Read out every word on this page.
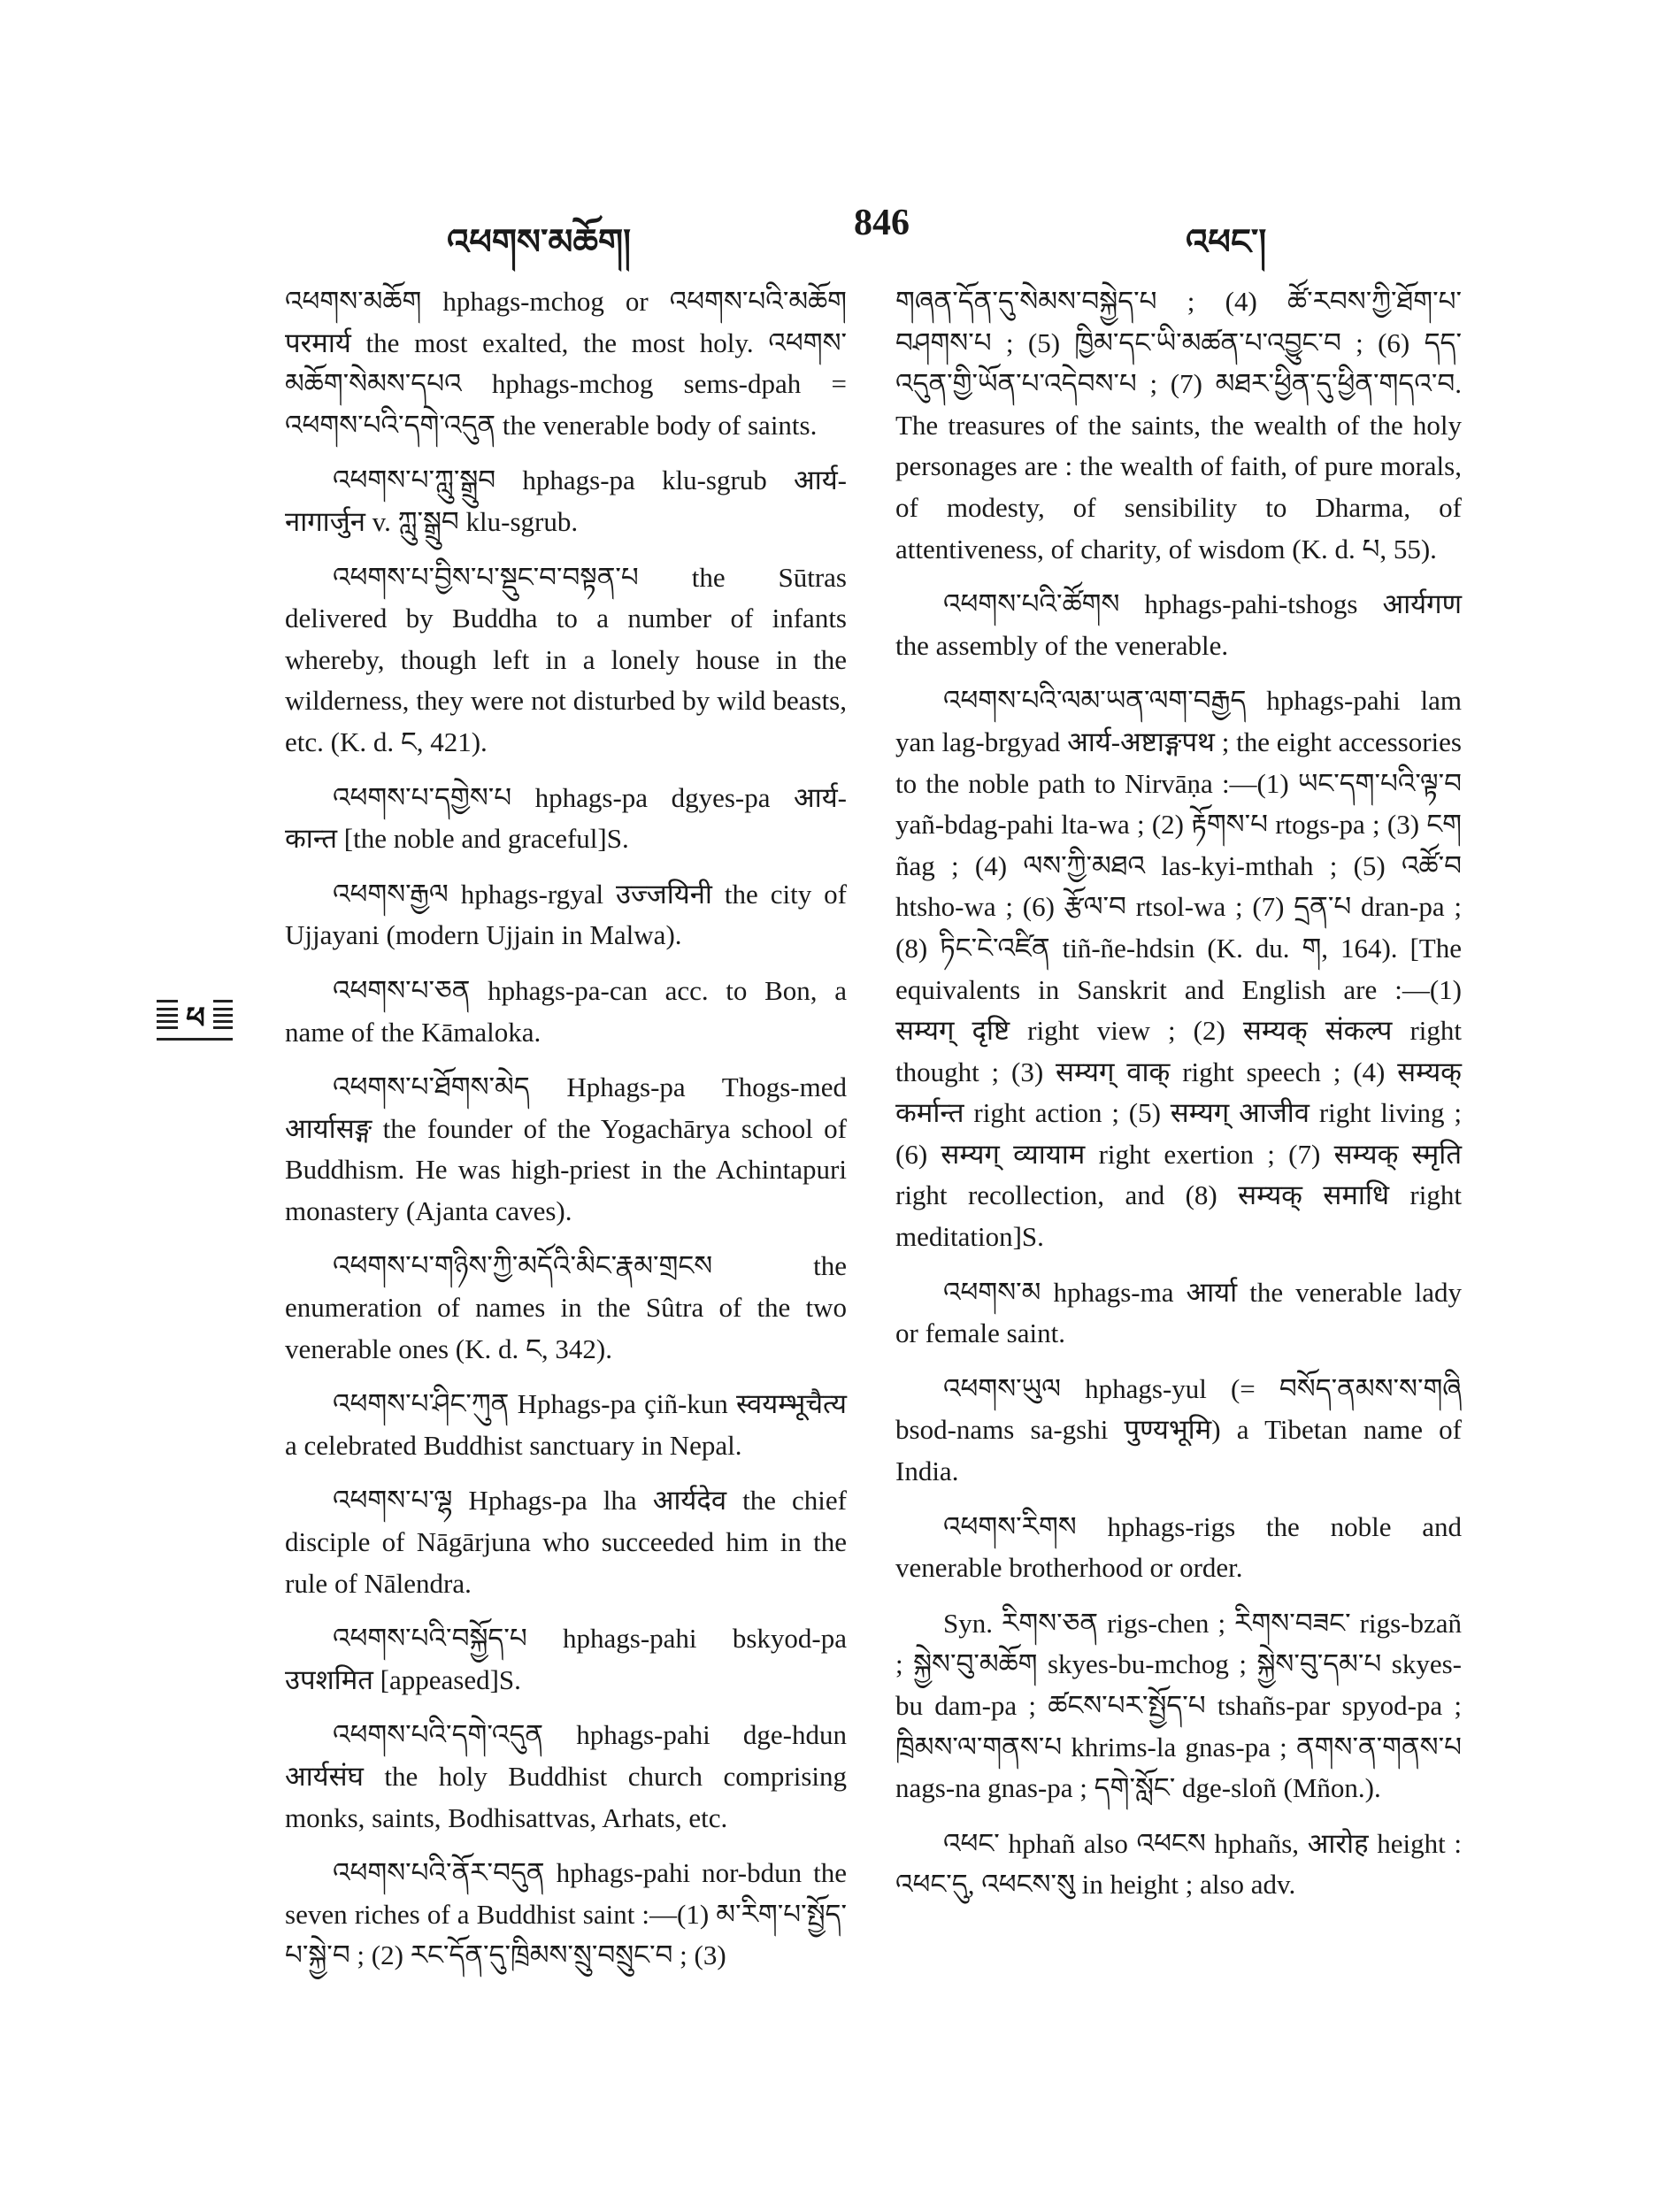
འཕགས་མཆོག།	846	འཕང་།
ཕ

འཕགས་མཆོག hphags-mchog or འཕགས་པའི་མཆོག परमार्य the most exalted, the most holy. འཕགས་མཆོག་སེམས་དཔའ hphags-mchog sems-dpah = འཕགས་པའི་དགེ་འདུན the venerable body of saints.

འཕགས་པ་ཀླུ་སྒྲུབ hphags-pa klu-sgrub आर्य-नागार्जुन v. ཀླུ་སྒྲུབ klu-sgrub.

འཕགས་པ་བྱིས་པ་སྡུང་བ་བསྟན་པ the Sūtras delivered by Buddha to a number of infants whereby, though left in a lonely house in the wilderness, they were not disturbed by wild beasts, etc. (K. d. ང, 421).

འཕགས་པ་དགྱེས་པ hphags-pa dgyes-pa आर्य-कान्त [the noble and graceful]S.

འཕགས་རྒྱལ hphags-rgyal उज्जयिनी the city of Ujjayani (modern Ujjain in Malwa).

འཕགས་པ་ཅན hphags-pa-can acc. to Bon, a name of the Kāmaloka.

འཕགས་པ་ཐོགས་མེད Hphags-pa Thogs-med आर्यासङ्ग the founder of the Yogachārya school of Buddhism. He was high-priest in the Achintapuri monastery (Ajanta caves).

འཕགས་པ་གཉིས་ཀྱི་མདོའི་མིང་རྣམ་གྲངས the enumeration of names in the Sûtra of the two venerable ones (K. d. ང, 342).

འཕགས་པ་ཤིང་ཀུན Hphags-pa çiñ-kun स्वयम्भूचैत्य a celebrated Buddhist sanctuary in Nepal.

འཕགས་པ་ལྷ Hphags-pa lha आर्यदेव the chief disciple of Nāgārjuna who succeeded him in the rule of Nālendra.

འཕགས་པའི་བསྐྱོད་པ hphags-pahi bskyod-pa उपशमित [appeased]S.

འཕགས་པའི་དགེ་འདུན hphags-pahi dge-hdun आर्यसंघ the holy Buddhist church comprising monks, saints, Bodhisattvas, Arhats, etc.

འཕགས་པའི་ནོར་བདུན hphags-pahi nor-bdun the seven riches of a Buddhist saint :—(1) མ་རིག་པ་སྤྱོད་པ་སྐྱེ་བ ; (2) རང་དོན་དུ་ཁྲིམས་སྲུ་བསྲུང་བ ; (3)

གཞན་དོན་དུ་སེམས་བསྐྱེད་པ ; (4) ཚོ་རབས་ཀྱི་ཐོག་པ་བཤགས་པ ; (5) ཁྱིམ་དང་ཡི་མཚན་པ་འབྱུང་བ ; (6) དད་འདུན་གྱི་ཡོན་པ་འདེབས་པ ; (7) མཐར་ཕྱིན་དུ་ཕྱིན་གདའ་བ. The treasures of the saints, the wealth of the holy personages are : the wealth of faith, of pure morals, of modesty, of sensibility to Dharma, of attentiveness, of charity, of wisdom (K. d. པ, 55).

འཕགས་པའི་ཚོགས hphags-pahi-tshogs आर्यगण the assembly of the venerable.

འཕགས་པའི་ལམ་ཡན་ལག་བརྒྱད hphags-pahi lam yan lag-brgyad आर्य-अष्टाङ्गपथ ; the eight accessories to the noble path to Nirvāṇa :—(1) ཡང་དག་པའི་ལྟ་བ yañ-bdag-pahi lta-wa ; (2) རྟོགས་པ rtogs-pa ; (3) ངག ñag ; (4) ལས་ཀྱི་མཐའ las-kyi-mthah ; (5) འཚོ་བ htsho-wa ; (6) རྩོལ་བ rtsol-wa ; (7) དྲན་པ dran-pa ; (8) ཏིང་ངེ་འཛིན tiñ-ñe-hdsin (K. du. ག, 164). [The equivalents in Sanskrit and English are :—(1) सम्यग् दृष्टि right view ; (2) सम्यक् संकल्प right thought ; (3) सम्यग् वाक् right speech ; (4) सम्यक् कर्मान्त right action ; (5) सम्यग् आजीव right living ; (6) सम्यग् व्यायाम right exertion ; (7) सम्यक् स्मृति right recollection, and (8) सम्यक् समाधि right meditation]S.

འཕགས་མ hphags-ma आर्या the venerable lady or female saint.

འཕགས་ཡུལ hphags-yul (= བསོད་ནམས་ས་གཞི bsod-nams sa-gshi पुण्यभूमि) a Tibetan name of India.

འཕགས་རིགས hphags-rigs the noble and venerable brotherhood or order.

Syn. རིགས་ཅན rigs-chen ; རིགས་བཟང་ rigs-bzañ ; སྐྱེས་བུ་མཆོག skyes-bu-mchog ; སྐྱེས་བུ་དམ་པ skyes-bu dam-pa ; ཚངས་པར་སྤྱོད་པ tshañs-par spyod-pa ; ཁྲིམས་ལ་གནས་པ khrims-la gnas-pa ; ནགས་ན་གནས་པ nags-na gnas-pa ; དགེ་སློང་ dge-sloñ (Mñon.).

འཕང་ hphañ also འཕངས hphañs, आरोह height : འཕང་དུ, འཕངས་སུ in height ; also adv.
